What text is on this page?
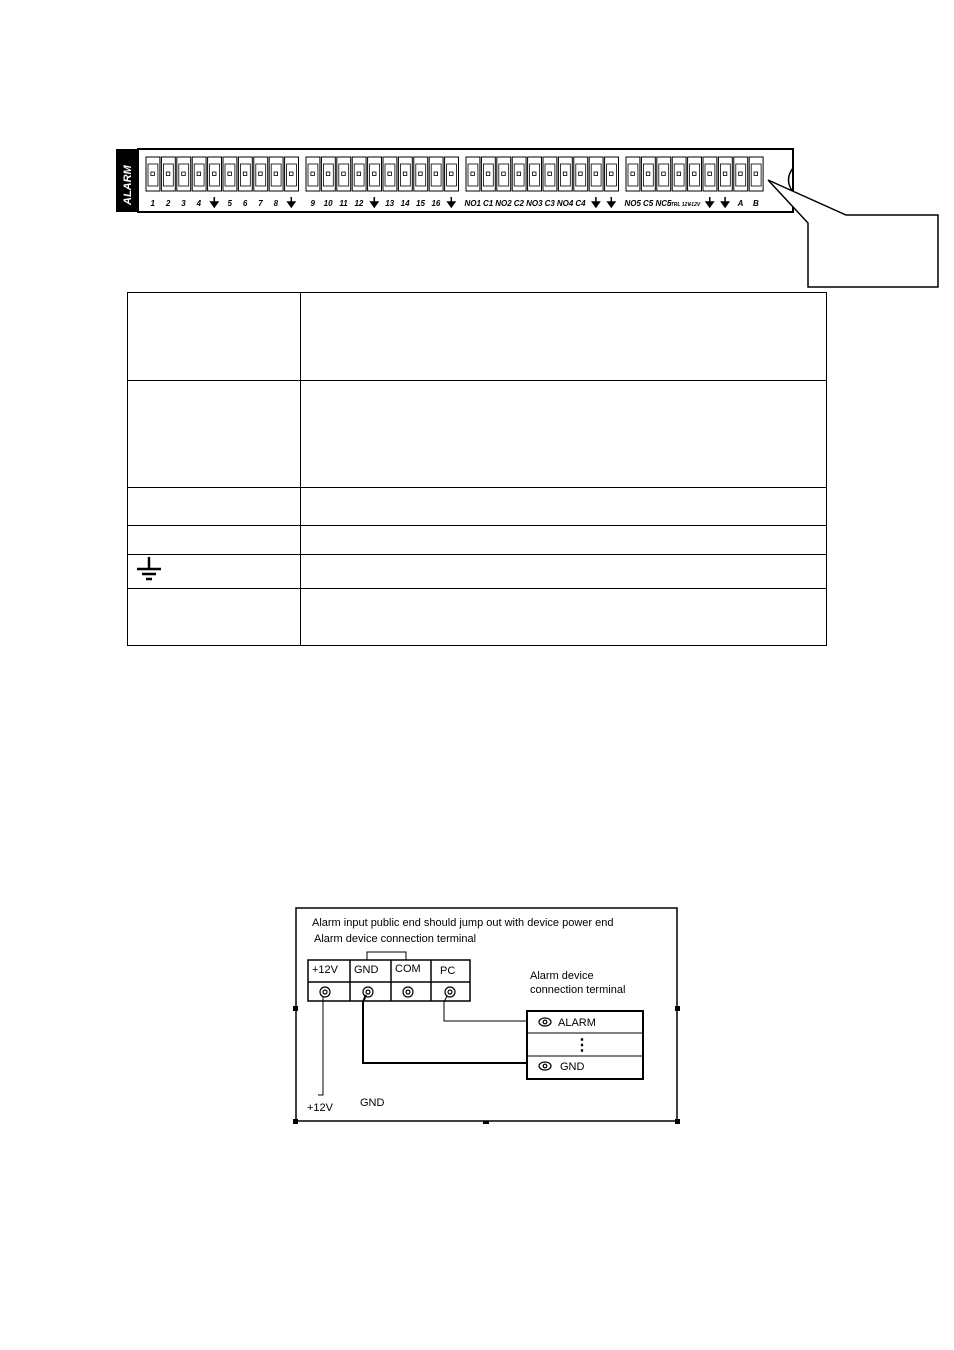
ALARM 1 2 3 4	5 6 7 8	9 10 11 12	13 14 15 16	NO1 C1 NO2 C2 NO3 C3 NO4 C4	NO5 C5 NC5
CTRL 12V
+12V	A B

Alarm input public end should jump out with device power end
Alarm device connection terminal
+12V GND COM PC	Alarm device
connection terminal
ALARM
⋮
GND
+12V GND
